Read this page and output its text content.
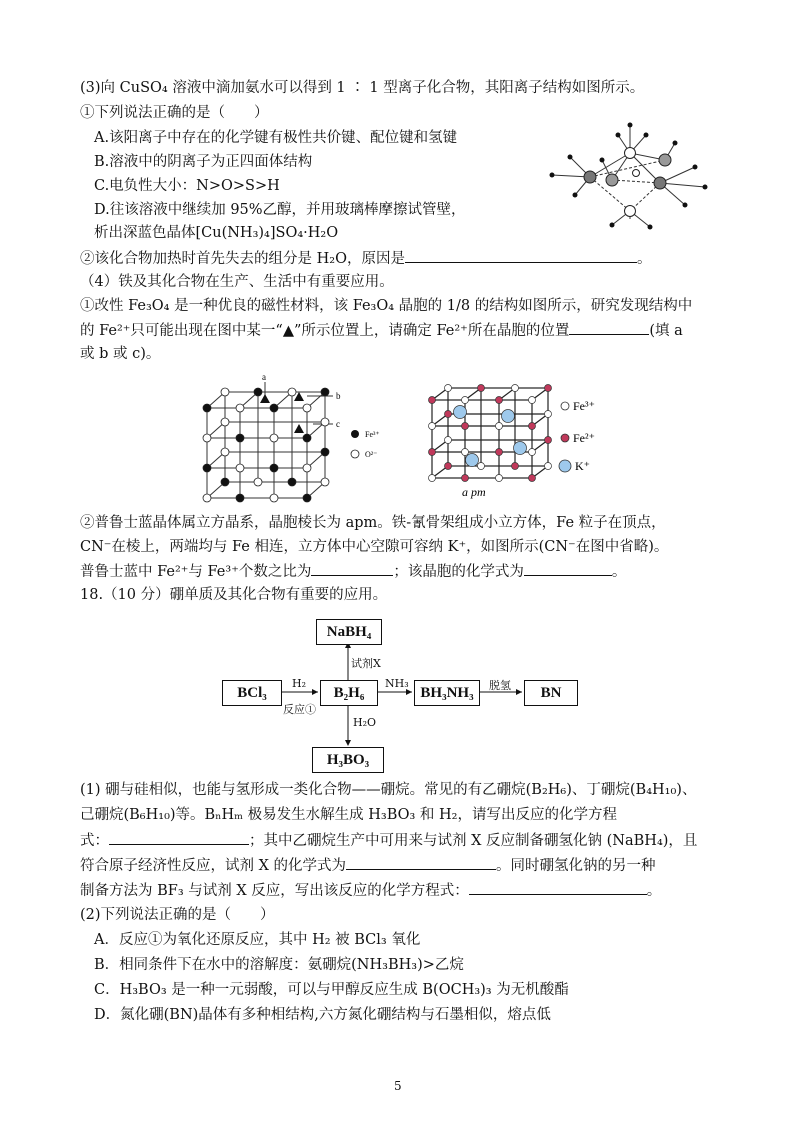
(3)向 CuSO₄ 溶液中滴加氨水可以得到 1 ∶ 1 型离子化合物，其阳离子结构如图所示。
①下列说法正确的是（　　）
A.该阳离子中存在的化学键有极性共价键、配位键和氢键
B.溶液中的阴离子为正四面体结构
C.电负性大小：N>O>S>H
D.往该溶液中继续加 95%乙醇，并用玻璃棒摩擦试管壁，
析出深蓝色晶体[Cu(NH₃)₄]SO₄·H₂O
②该化合物加热时首先失去的组分是 H₂O，原因是	。
（4）铁及其化合物在生产、生活中有重要应用。
①改性 Fe₃O₄ 是一种优良的磁性材料，该 Fe₃O₄ 晶胞的 1/8 的结构如图所示，研究发现结构中
的 Fe²⁺只可能出现在图中某一“▲”所示位置上，请确定 Fe²⁺所在晶胞的位置	(填 a
或 b 或 c)。
a
b
c
Fe³⁺
O²⁻
a pm
Fe³⁺
Fe²⁺
K⁺
②普鲁士蓝晶体属立方晶系，晶胞棱长为 apm。铁-氰骨架组成小立方体，Fe 粒子在顶点，
CN⁻在棱上，两端均与 Fe 相连，立方体中心空隙可容纳 K⁺，如图所示(CN⁻在图中省略)。
普鲁士蓝中 Fe²⁺与 Fe³⁺个数之比为	；该晶胞的化学式为	。
18.（10 分）硼单质及其化合物有重要的应用。
NaBH₄
BCl₃	B₂H₆	BH₃NH₃	BN
H₃BO₃
H₂
反应①
试剂X
NH₃	脱氢
H₂O
(1) 硼与硅相似，也能与氢形成一类化合物——硼烷。常见的有乙硼烷(B₂H₆)、丁硼烷(B₄H₁₀)、
己硼烷(B₆H₁₀)等。BₙHₘ 极易发生水解生成 H₃BO₃ 和 H₂，请写出反应的化学方程
式：	；其中乙硼烷生产中可用来与试剂 X 反应制备硼氢化钠 (NaBH₄)，且
符合原子经济性反应，试剂 X 的化学式为	。同时硼氢化钠的另一种
制备方法为 BF₃ 与试剂 X 反应，写出该反应的化学方程式：	。
(2)下列说法正确的是（　　）
A．反应①为氧化还原反应，其中 H₂ 被 BCl₃ 氧化
B．相同条件下在水中的溶解度：氨硼烷(NH₃BH₃)>乙烷
C．H₃BO₃ 是一种一元弱酸，可以与甲醇反应生成 B(OCH₃)₃ 为无机酸酯
D．氮化硼(BN)晶体有多种相结构,六方氮化硼结构与石墨相似，熔点低
5
